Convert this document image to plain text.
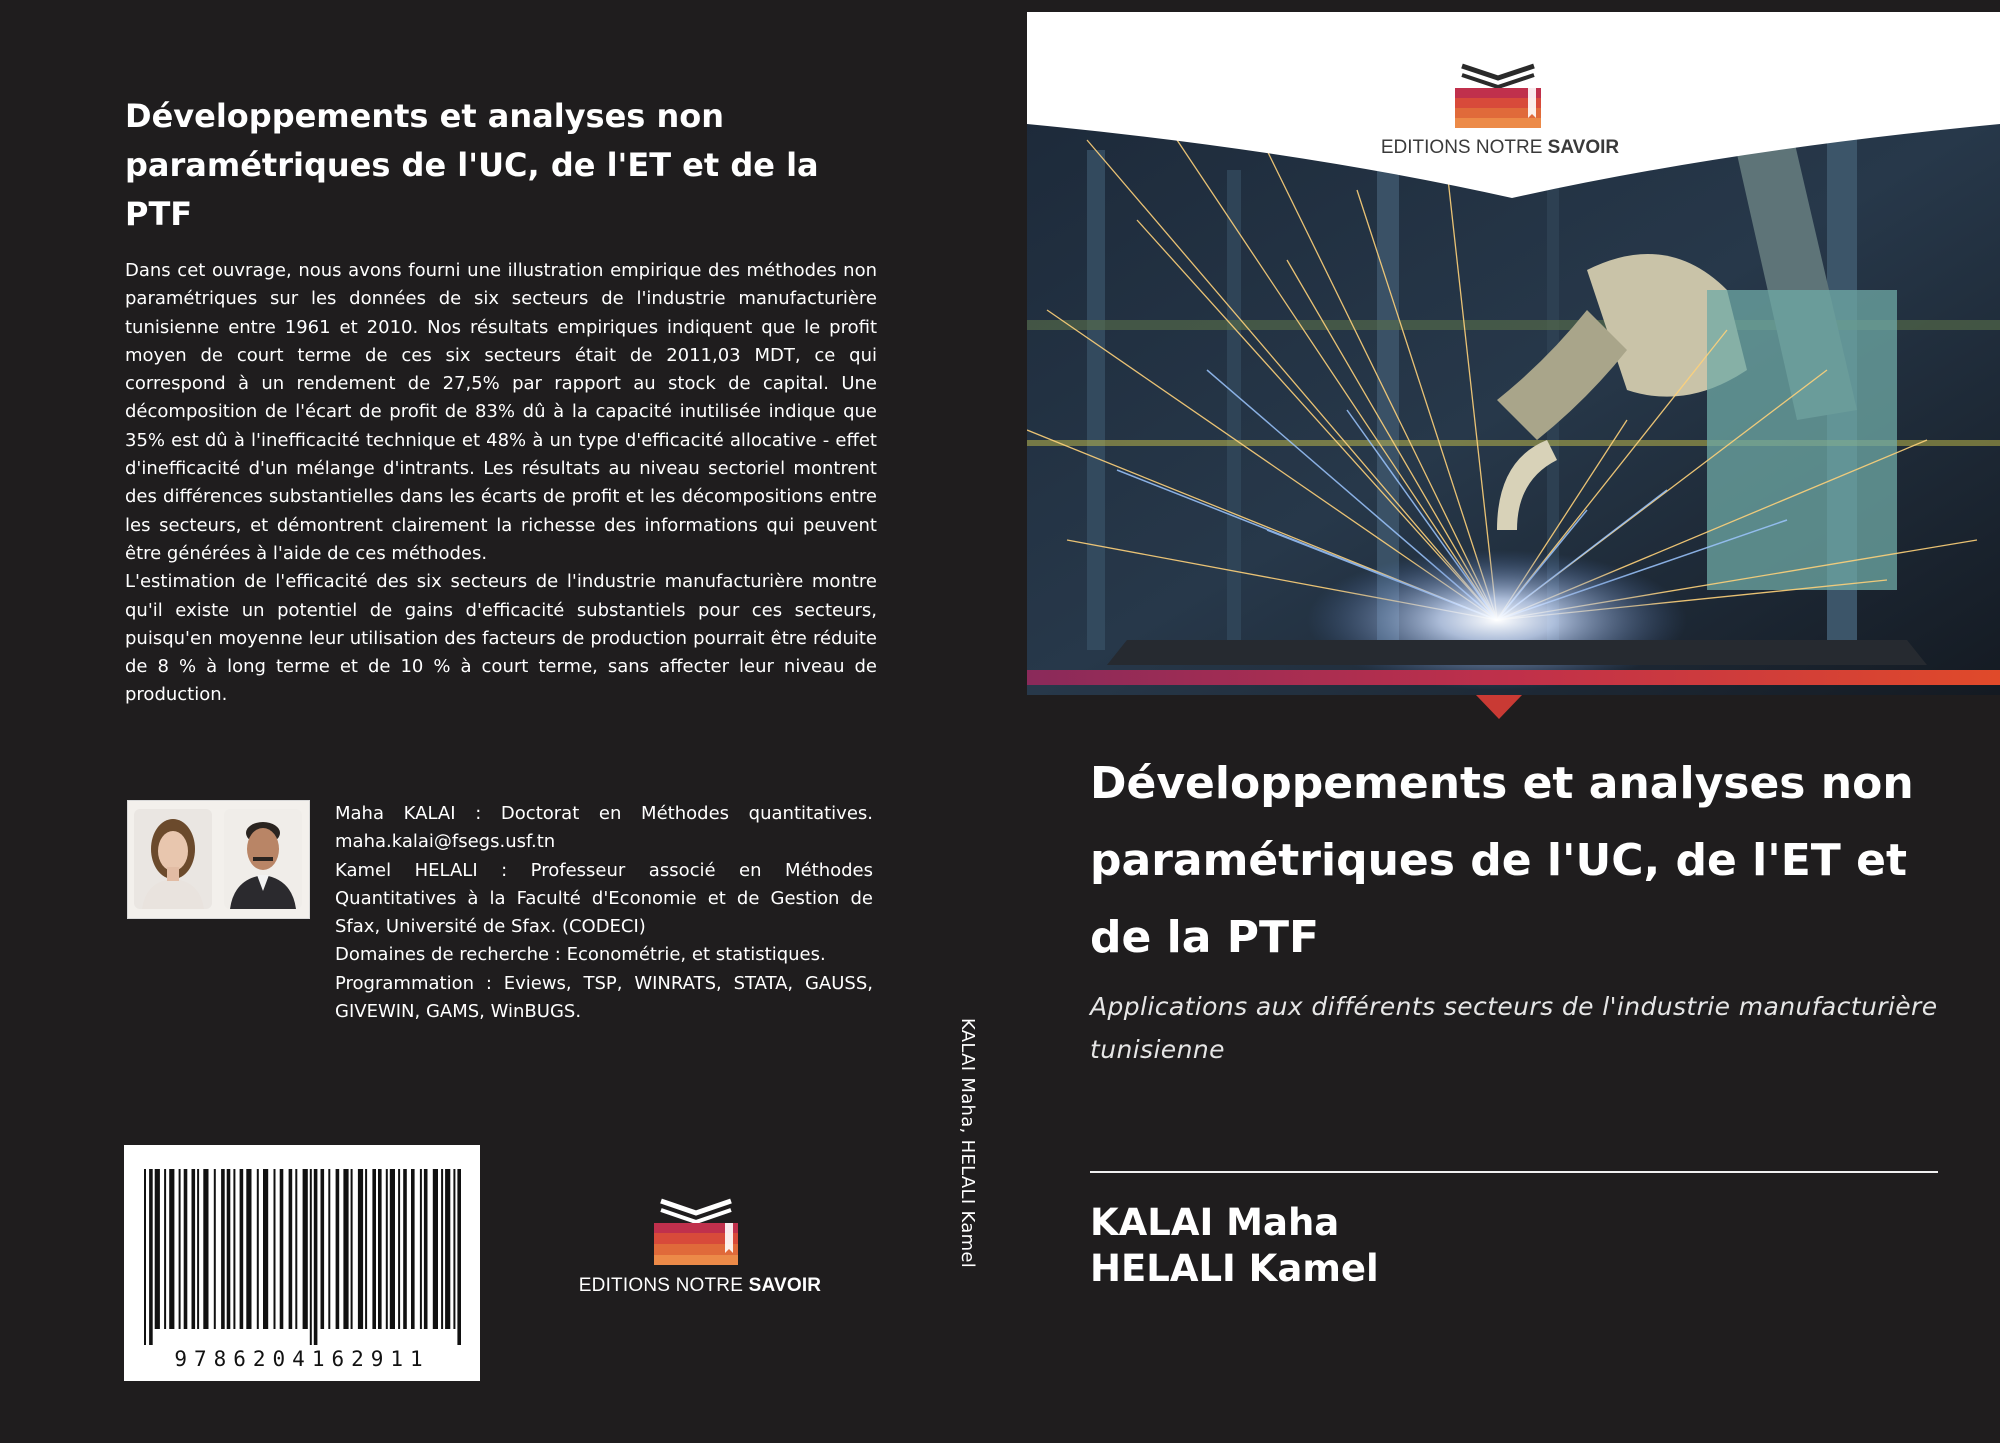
Développements et analyses non paramétriques de l'UC, de l'ET et de la PTF

Dans cet ouvrage, nous avons fourni une illustration empirique des méthodes non paramétriques sur les données de six secteurs de l'industrie manufacturière tunisienne entre 1961 et 2010. Nos résultats empiriques indiquent que le profit moyen de court terme de ces six secteurs était de 2011,03 MDT, ce qui correspond à un rendement de 27,5% par rapport au stock de capital. Une décomposition de l'écart de profit de 83% dû à la capacité inutilisée indique que 35% est dû à l'inefficacité technique et 48% à un type d'efficacité allocative - effet d'inefficacité d'un mélange d'intrants. Les résultats au niveau sectoriel montrent des différences substantielles dans les écarts de profit et les décompositions entre les secteurs, et démontrent clairement la richesse des informations qui peuvent être générées à l'aide de ces méthodes.

L'estimation de l'efficacité des six secteurs de l'industrie manufacturière montre qu'il existe un potentiel de gains d'efficacité substantiels pour ces secteurs, puisqu'en moyenne leur utilisation des facteurs de production pourrait être réduite de 8 % à long terme et de 10 % à court terme, sans affecter leur niveau de production.

Maha KALAI : Doctorat en Méthodes quantitatives. maha.kalai@fsegs.usf.tn

Kamel HELALI : Professeur associé en Méthodes Quantitatives à la Faculté d'Economie et de Gestion de Sfax, Université de Sfax. (CODECI)

Domaines de recherche : Econométrie, et statistiques.

Programmation : Eviews, TSP, WINRATS, STATA, GAUSS, GIVEWIN, GAMS, WinBUGS.

9786204162911
EDITIONS NOTRE SAVOIR
KALAI Maha, HELALI Kamel
EDITIONS NOTRE SAVOIR
Développements et analyses non paramétriques de l'UC, de l'ET et de la PTF
Applications aux différents secteurs de l'industrie manufacturière tunisienne
KALAI Maha
HELALI Kamel
